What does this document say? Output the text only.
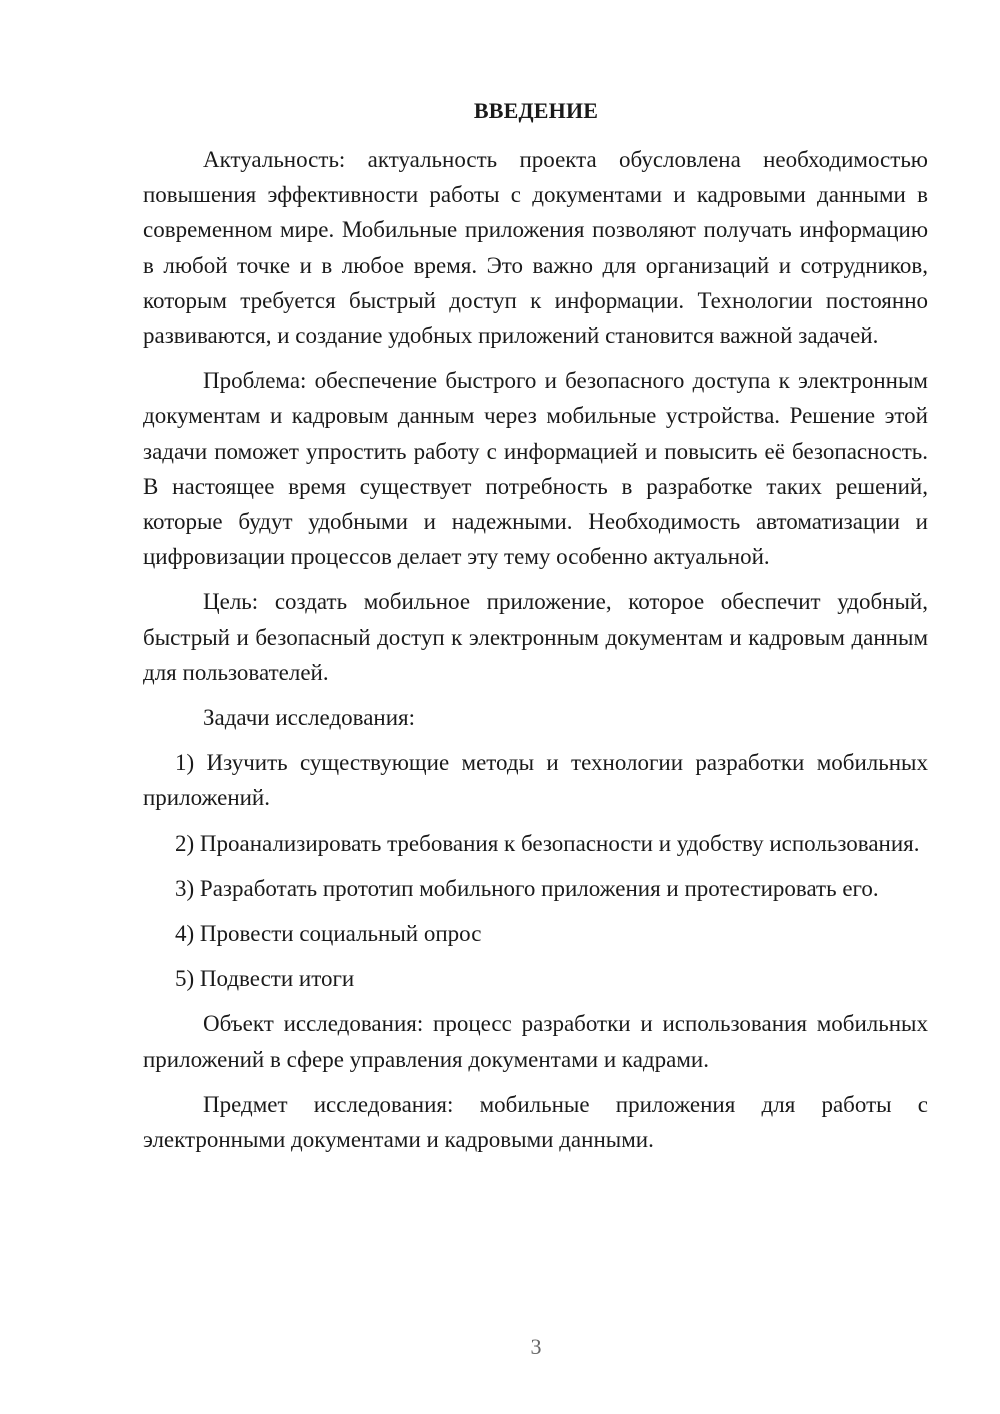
ВВЕДЕНИЕ

Актуальность: актуальность проекта обусловлена необходимостью повышения эффективности работы с документами и кадровыми данными в современном мире. Мобильные приложения позволяют получать информацию в любой точке и в любое время. Это важно для организаций и сотрудников, которым требуется быстрый доступ к информации. Технологии постоянно развиваются, и создание удобных приложений становится важной задачей.

Проблема: обеспечение быстрого и безопасного доступа к электронным документам и кадровым данным через мобильные устройства. Решение этой задачи поможет упростить работу с информацией и повысить её безопасность. В настоящее время существует потребность в разработке таких решений, которые будут удобными и надежными. Необходимость автоматизации и цифровизации процессов делает эту тему особенно актуальной.

Цель: создать мобильное приложение, которое обеспечит удобный, быстрый и безопасный доступ к электронным документам и кадровым данным для пользователей.

Задачи исследования:

1) Изучить существующие методы и технологии разработки мобильных приложений.

2) Проанализировать требования к безопасности и удобству использования.

3) Разработать прототип мобильного приложения и протестировать его.

4) Провести социальный опрос

5) Подвести итоги

Объект исследования: процесс разработки и использования мобильных приложений в сфере управления документами и кадрами.

Предмет исследования: мобильные приложения для работы с электронными документами и кадровыми данными.

3
